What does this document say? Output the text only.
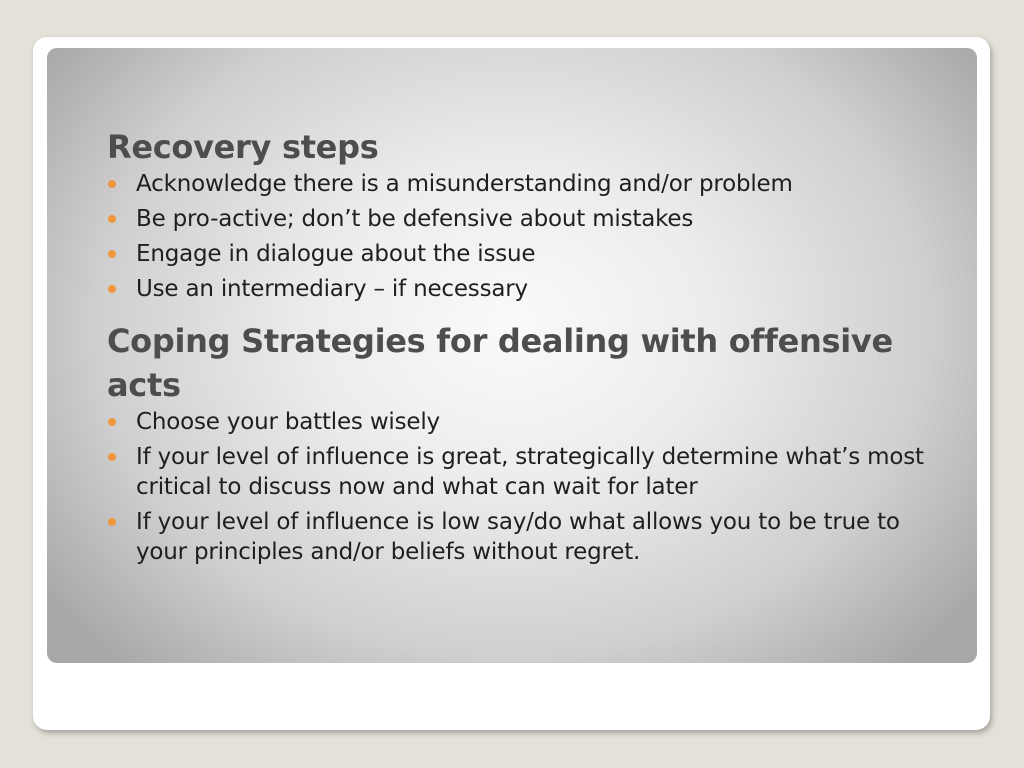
Recovery steps
Acknowledge there is a misunderstanding and/or problem
Be pro-active; don’t be defensive about mistakes
Engage in dialogue about the issue
Use an intermediary – if necessary
Coping Strategies for dealing with offensive acts
Choose your battles wisely
If your level of influence is great, strategically determine what’s most critical to discuss now and what can wait for later
If your level of influence is low say/do what allows you to be true to your principles and/or beliefs without regret.
